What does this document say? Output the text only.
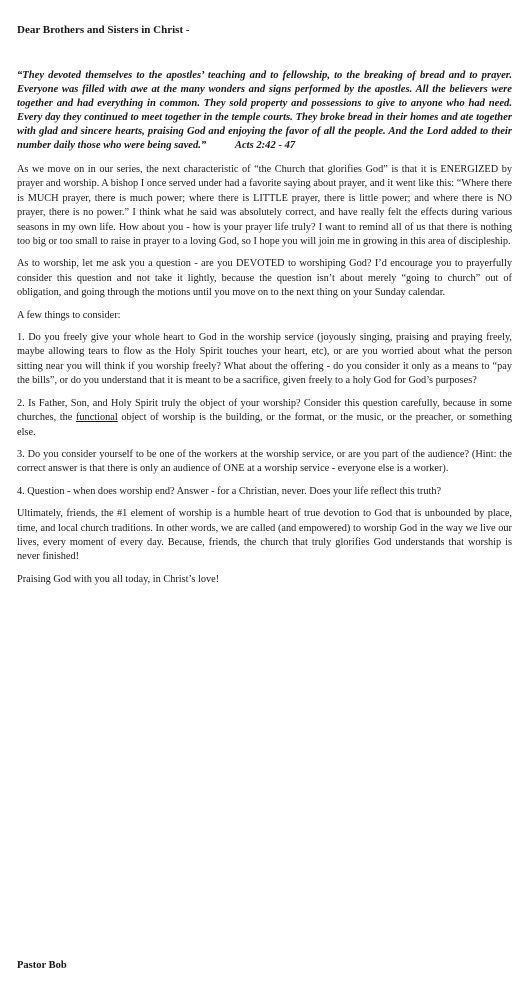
Dear Brothers and Sisters in Christ -

“They devoted themselves to the apostles’ teaching and to fellowship, to the breaking of bread and to prayer. Everyone was filled with awe at the many wonders and signs performed by the apostles. All the believers were together and had everything in common. They sold property and possessions to give to anyone who had need. Every day they continued to meet together in the temple courts. They broke bread in their homes and ate together with glad and sincere hearts, praising God and enjoying the favor of all the people. And the Lord added to their number daily those who were being saved.”	Acts 2:42 - 47

As we move on in our series, the next characteristic of “the Church that glorifies God” is that it is ENERGIZED by prayer and worship. A bishop I once served under had a favorite saying about prayer, and it went like this: “Where there is MUCH prayer, there is much power; where there is LITTLE prayer, there is little power; and where there is NO prayer, there is no power.” I think what he said was absolutely correct, and have really felt the effects during various seasons in my own life. How about you - how is your prayer life truly? I want to remind all of us that there is nothing too big or too small to raise in prayer to a loving God, so I hope you will join me in growing in this area of discipleship.

As to worship, let me ask you a question - are you DEVOTED to worshiping God? I’d encourage you to prayerfully consider this question and not take it lightly, because the question isn’t about merely “going to church” out of obligation, and going through the motions until you move on to the next thing on your Sunday calendar.

A few things to consider:

1. Do you freely give your whole heart to God in the worship service (joyously singing, praising and praying freely, maybe allowing tears to flow as the Holy Spirit touches your heart, etc), or are you worried about what the person sitting near you will think if you worship freely? What about the offering - do you consider it only as a means to “pay the bills”, or do you understand that it is meant to be a sacrifice, given freely to a holy God for God’s purposes?

2. Is Father, Son, and Holy Spirit truly the object of your worship? Consider this question carefully, because in some churches, the functional object of worship is the building, or the format, or the music, or the preacher, or something else.

3. Do you consider yourself to be one of the workers at the worship service, or are you part of the audience? (Hint: the correct answer is that there is only an audience of ONE at a worship service - everyone else is a worker).

4. Question - when does worship end? Answer - for a Christian, never. Does your life reflect this truth?

Ultimately, friends, the #1 element of worship is a humble heart of true devotion to God that is unbounded by place, time, and local church traditions. In other words, we are called (and empowered) to worship God in the way we live our lives, every moment of every day. Because, friends, the church that truly glorifies God understands that worship is never finished!

Praising God with you all today, in Christ’s love!

Pastor Bob
